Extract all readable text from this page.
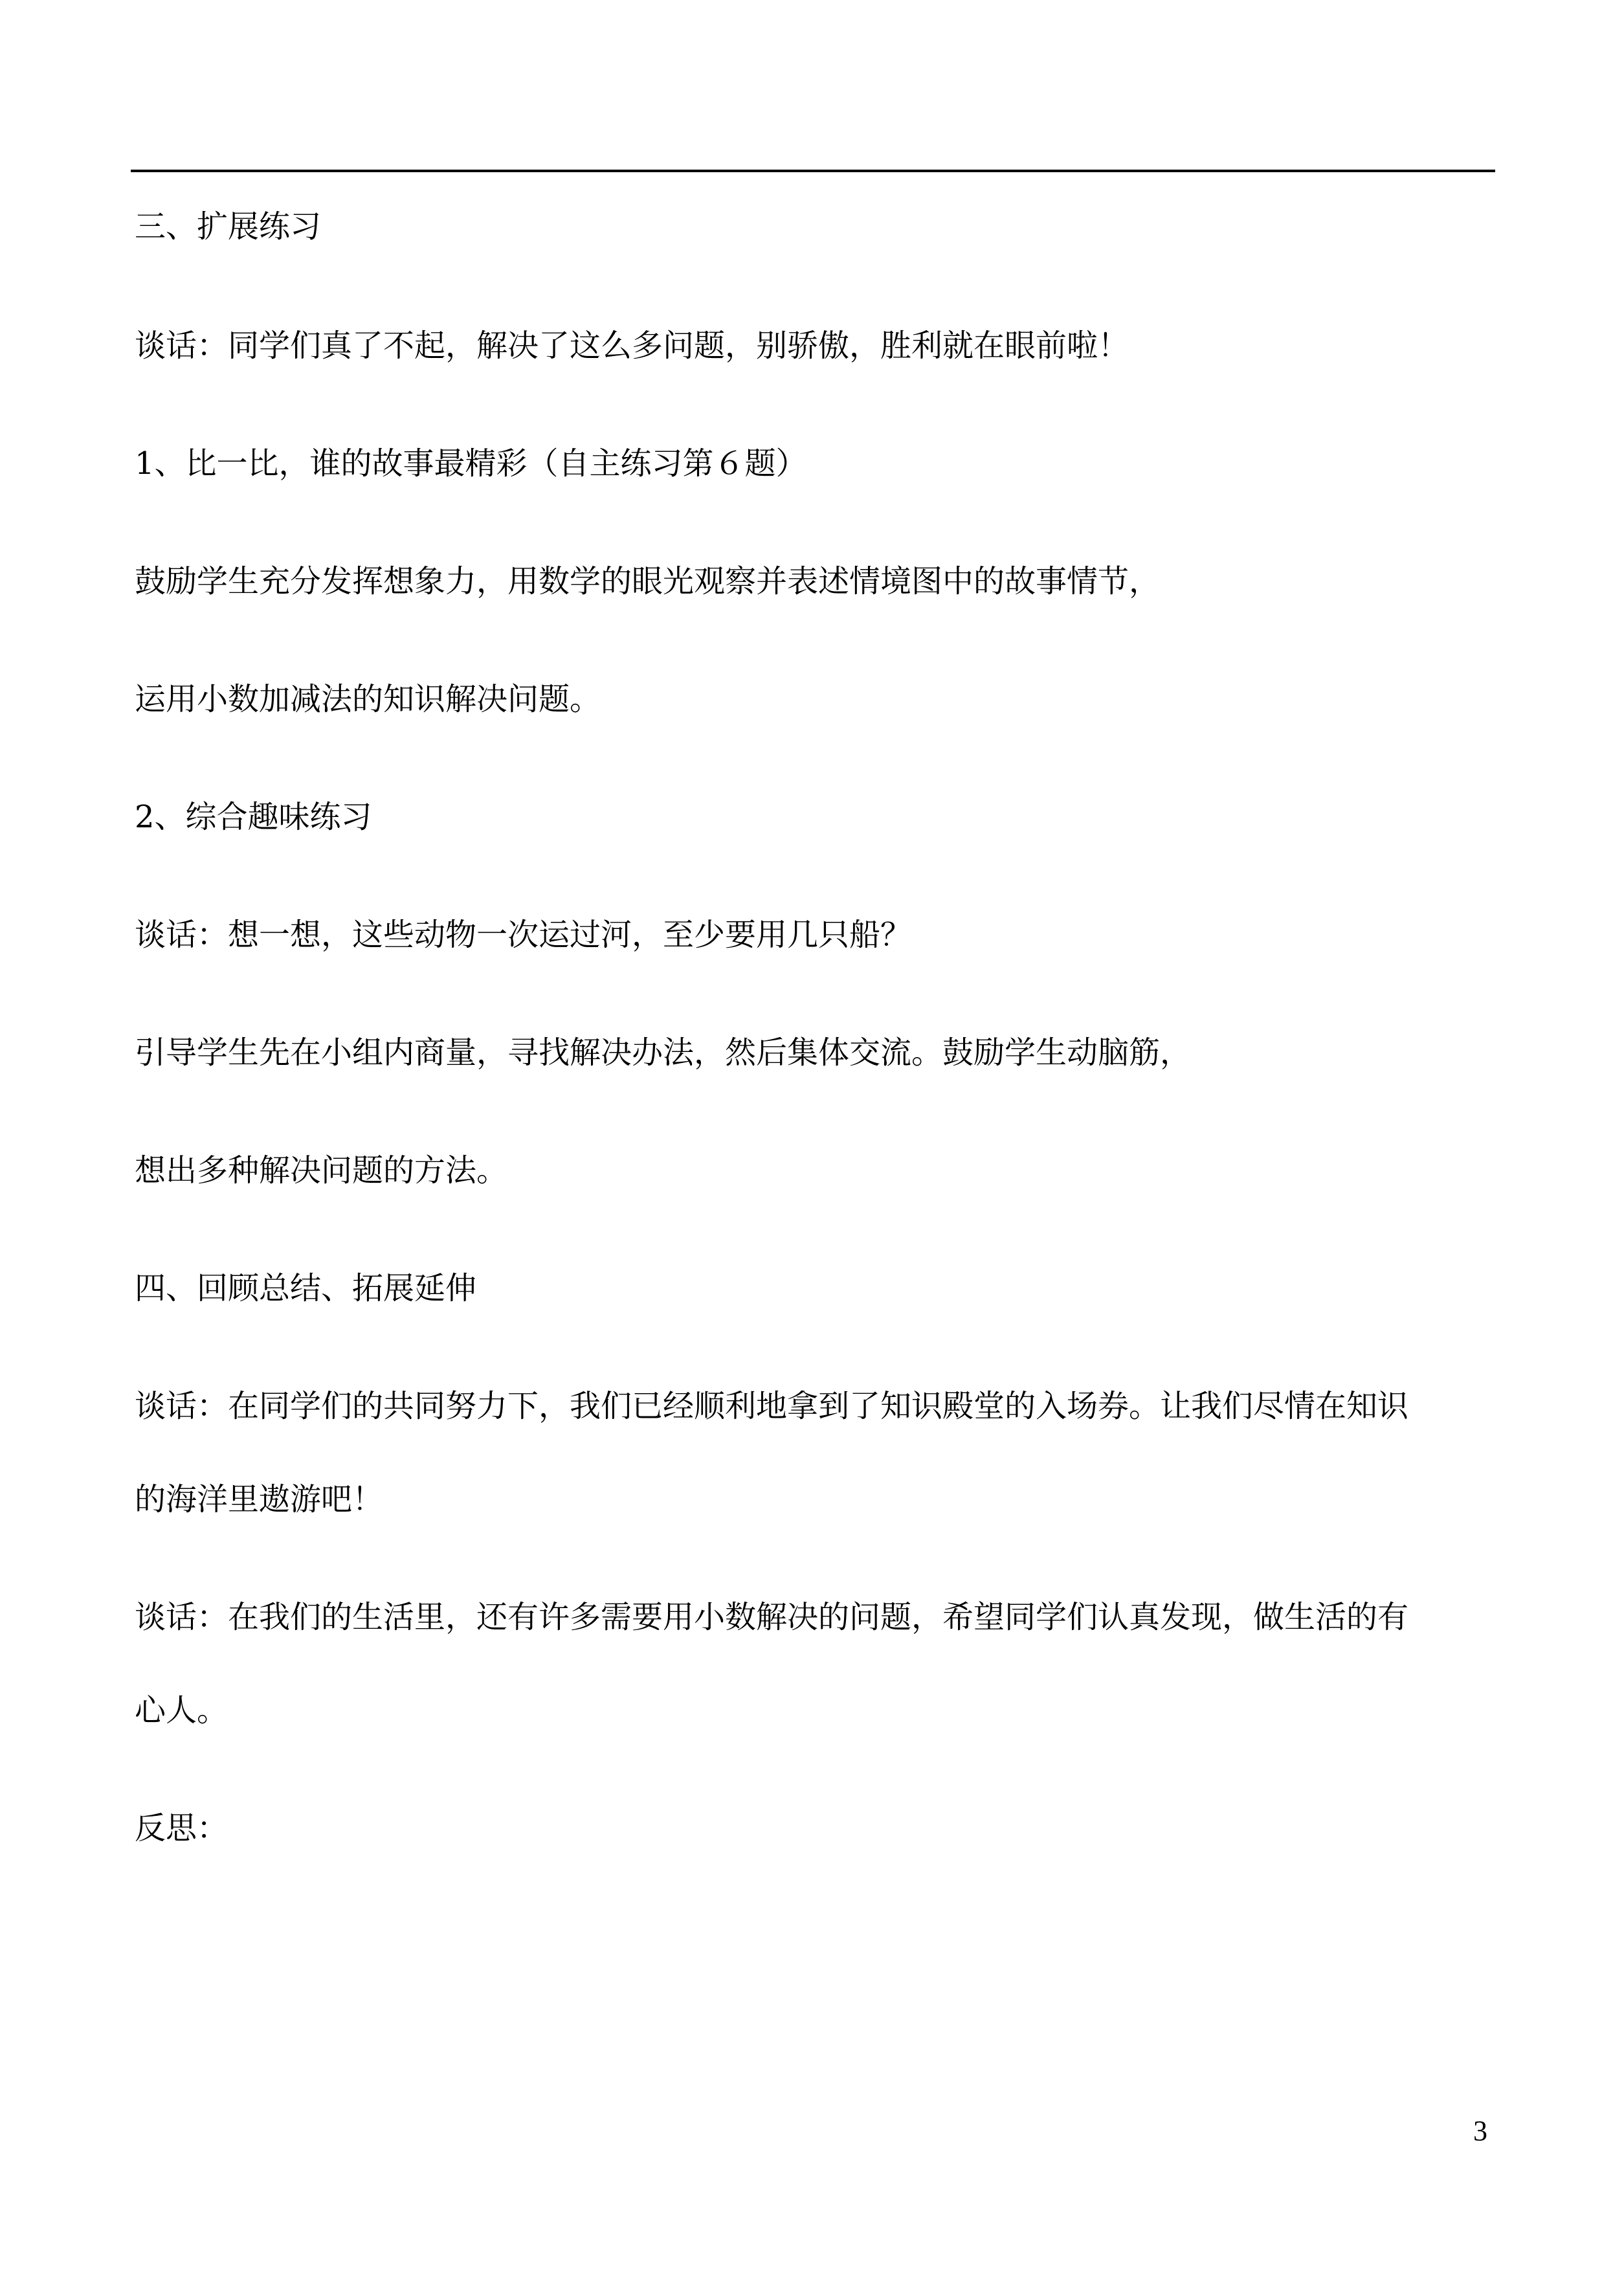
三、扩展练习
谈话：同学们真了不起，解决了这么多问题，别骄傲，胜利就在眼前啦！
1、比一比，谁的故事最精彩（自主练习第６题）
鼓励学生充分发挥想象力，用数学的眼光观察并表述情境图中的故事情节，
运用小数加减法的知识解决问题。
2、综合趣味练习
谈话：想一想，这些动物一次运过河，至少要用几只船？
引导学生先在小组内商量，寻找解决办法，然后集体交流。鼓励学生动脑筋，
想出多种解决问题的方法。
四、回顾总结、拓展延伸
谈话：在同学们的共同努力下，我们已经顺利地拿到了知识殿堂的入场券。让我们尽情在知识
的海洋里遨游吧！
谈话：在我们的生活里，还有许多需要用小数解决的问题，希望同学们认真发现，做生活的有
心人。
反思：
3
